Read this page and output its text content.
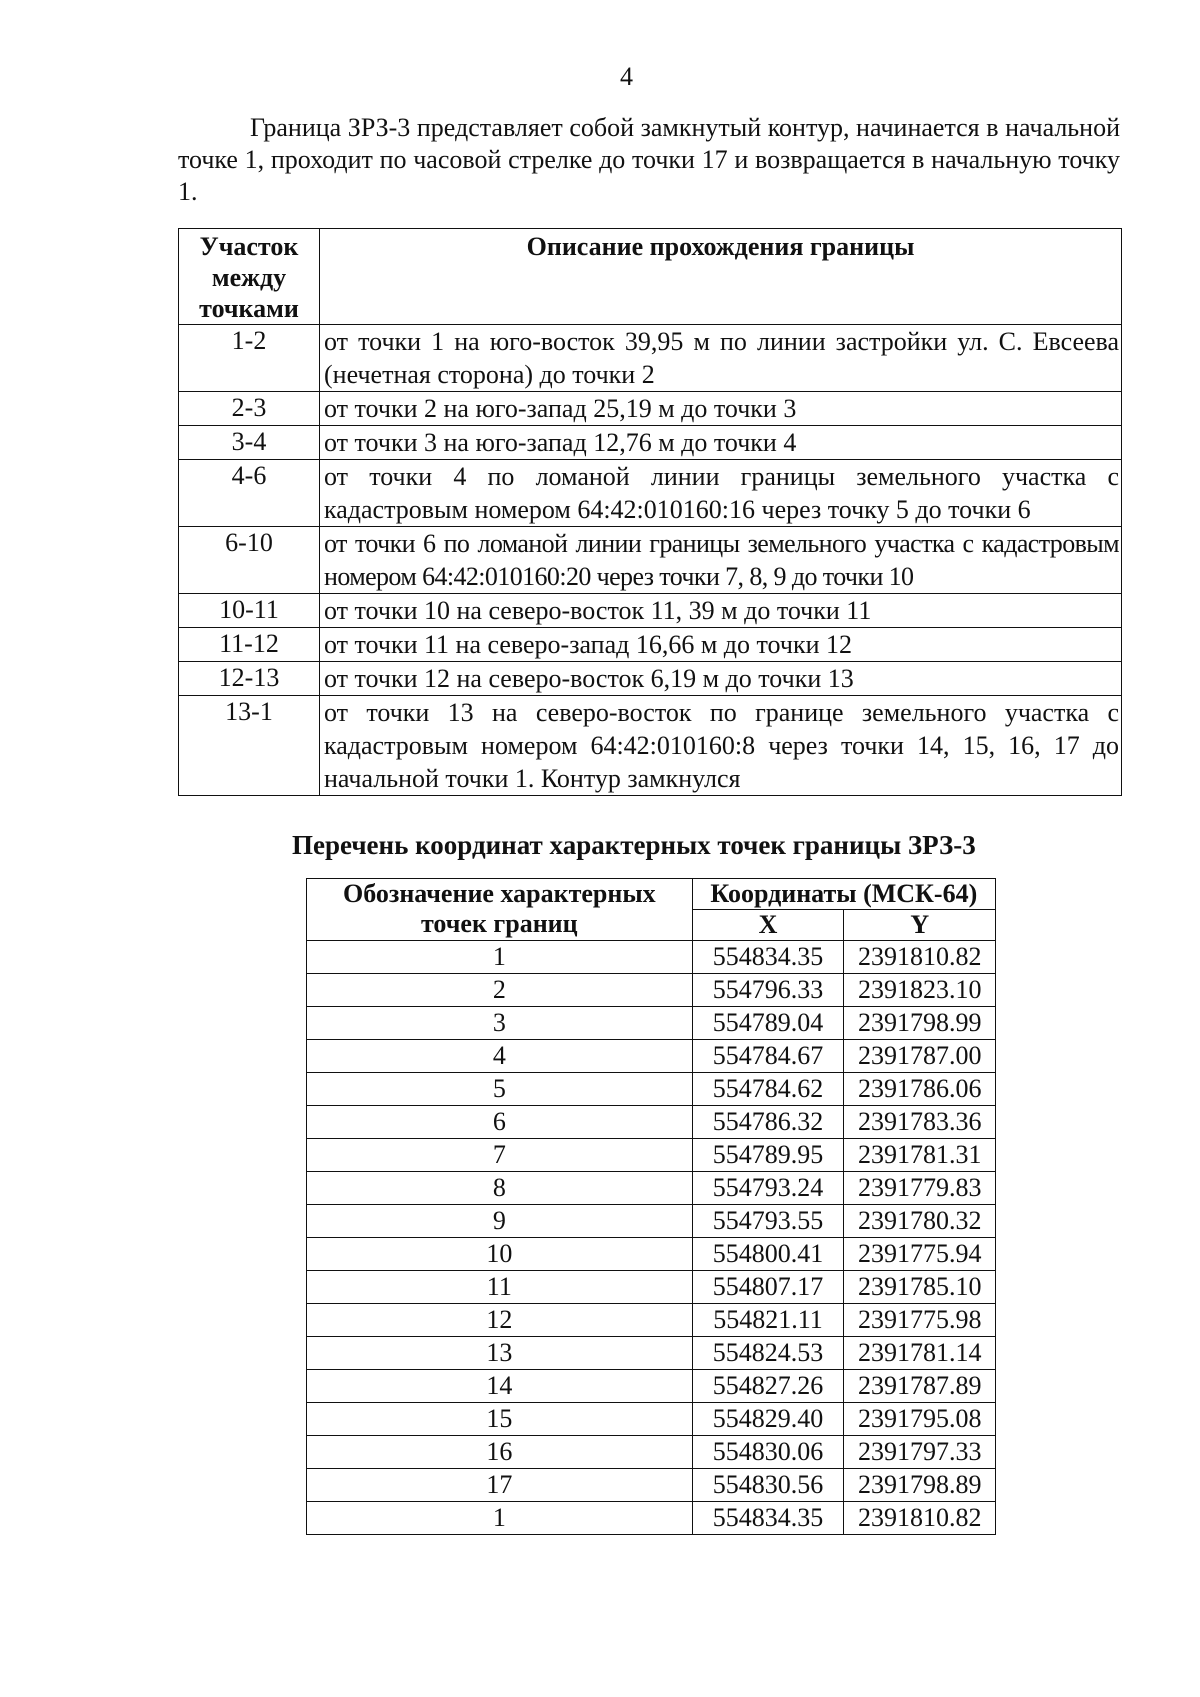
4

Граница ЗРЗ-3 представляет собой замкнутый контур, начинается в начальной точке 1, проходит по часовой стрелке до точки 17 и возвращается в начальную точку 1.

Участок между точками	Описание прохождения границы
1-2	от точки 1 на юго-восток 39,95 м по линии застройки ул. С. Евсеева (нечетная сторона) до точки 2
2-3	от точки 2 на юго-запад 25,19 м до точки 3
3-4	от точки 3 на юго-запад 12,76 м до точки 4
4-6	от точки 4 по ломаной линии границы земельного участка с кадастровым номером 64:42:010160:16 через точку 5 до точки 6
6-10	от точки 6 по ломаной линии границы земельного участка с кадастровым номером 64:42:010160:20 через точки 7, 8, 9 до точки 10
10-11	от точки 10 на северо-восток 11, 39 м до точки 11
11-12	от точки 11 на северо-запад 16,66 м до точки 12
12-13	от точки 12 на северо-восток 6,19 м до точки 13
13-1	от точки 13 на северо-восток по границе земельного участка с кадастровым номером 64:42:010160:8 через точки 14, 15, 16, 17 до начальной точки 1. Контур замкнулся
Перечень координат характерных точек границы ЗРЗ-3
Обозначение характерных точек границ	Координаты (МСК-64)	
	X	Y
1	554834.35	2391810.82
2	554796.33	2391823.10
3	554789.04	2391798.99
4	554784.67	2391787.00
5	554784.62	2391786.06
6	554786.32	2391783.36
7	554789.95	2391781.31
8	554793.24	2391779.83
9	554793.55	2391780.32
10	554800.41	2391775.94
11	554807.17	2391785.10
12	554821.11	2391775.98
13	554824.53	2391781.14
14	554827.26	2391787.89
15	554829.40	2391795.08
16	554830.06	2391797.33
17	554830.56	2391798.89
1	554834.35	2391810.82
